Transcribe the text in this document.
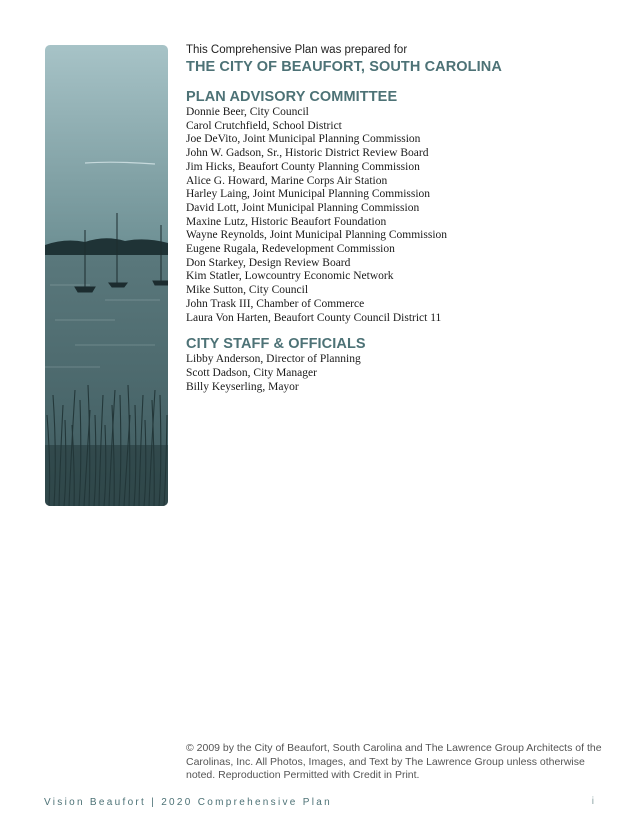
This Comprehensive Plan was prepared for
THE CITY OF BEAUFORT, SOUTH CAROLINA
PLAN ADVISORY COMMITTEE
Donnie Beer, City Council
Carol Crutchfield, School District
Joe DeVito, Joint Municipal Planning Commission
John W. Gadson, Sr., Historic District Review Board
Jim Hicks, Beaufort County Planning Commission
Alice G. Howard, Marine Corps Air Station
Harley Laing, Joint Municipal Planning Commission
David Lott, Joint Municipal Planning Commission
Maxine Lutz, Historic Beaufort Foundation
Wayne Reynolds, Joint Municipal Planning Commission
Eugene Rugala, Redevelopment Commission
Don Starkey, Design Review Board
Kim Statler, Lowcountry Economic Network
Mike Sutton, City Council
John Trask III, Chamber of Commerce
Laura Von Harten, Beaufort County Council District 11
CITY STAFF & OFFICIALS
Libby Anderson, Director of Planning
Scott Dadson, City Manager
Billy Keyserling, Mayor
© 2009 by the City of Beaufort, South Carolina and The Lawrence Group Architects of the Carolinas, Inc. All Photos, Images, and Text by The Lawrence Group unless otherwise noted. Reproduction Permitted with Credit in Print.
Vision Beaufort | 2020 Comprehensive Plan	i
